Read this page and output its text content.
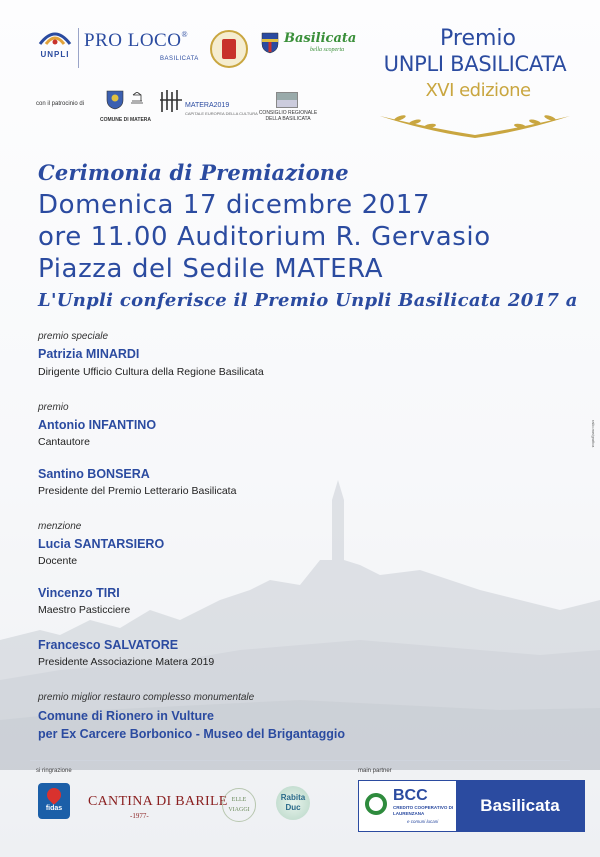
UNPLI
PRO LOCO®
BASILICATA
Basilicata
bella scoperta
con il patrocinio di
COMUNE DI MATERA
MATERA2019
CAPITALE EUROPEA DELLA CULTURA CONSIGLIO REGIONALE DELLA BASILICATA
Premio
UNPLI BASILICATA
XVI edizione
Cerimonia di Premiazione
Domenica 17 dicembre 2017
ore 11.00 Auditorium R. Gervasio
Piazza del Sedile MATERA
L'Unpli conferisce il Premio Unpli Basilicata 2017 a
premio speciale
Patrizia MINARDI
Dirigente Ufficio Cultura della Regione Basilicata
premio
Antonio INFANTINO
Cantautore
Santino BONSERA
Presidente del Premio Letterario Basilicata
menzione
Lucia SANTARSIERO
Docente
Vincenzo TIRI
Maestro Pasticciere
Francesco SALVATORE
Presidente Associazione Matera 2019
premio miglior restauro complesso monumentale
Comune di Rionero in Vulture
per Ex Carcere Borbonico - Museo del Brigantaggio
rallo.me/grafica
si ringrazione	main partner
fidas	CANTINA DI BARILE
-1977-
ELLE VIAGGI
Rabita Duc
BCC
CREDITO COOPERATIVO DI LAURENZANA
e comuni lucani
Basilicata
